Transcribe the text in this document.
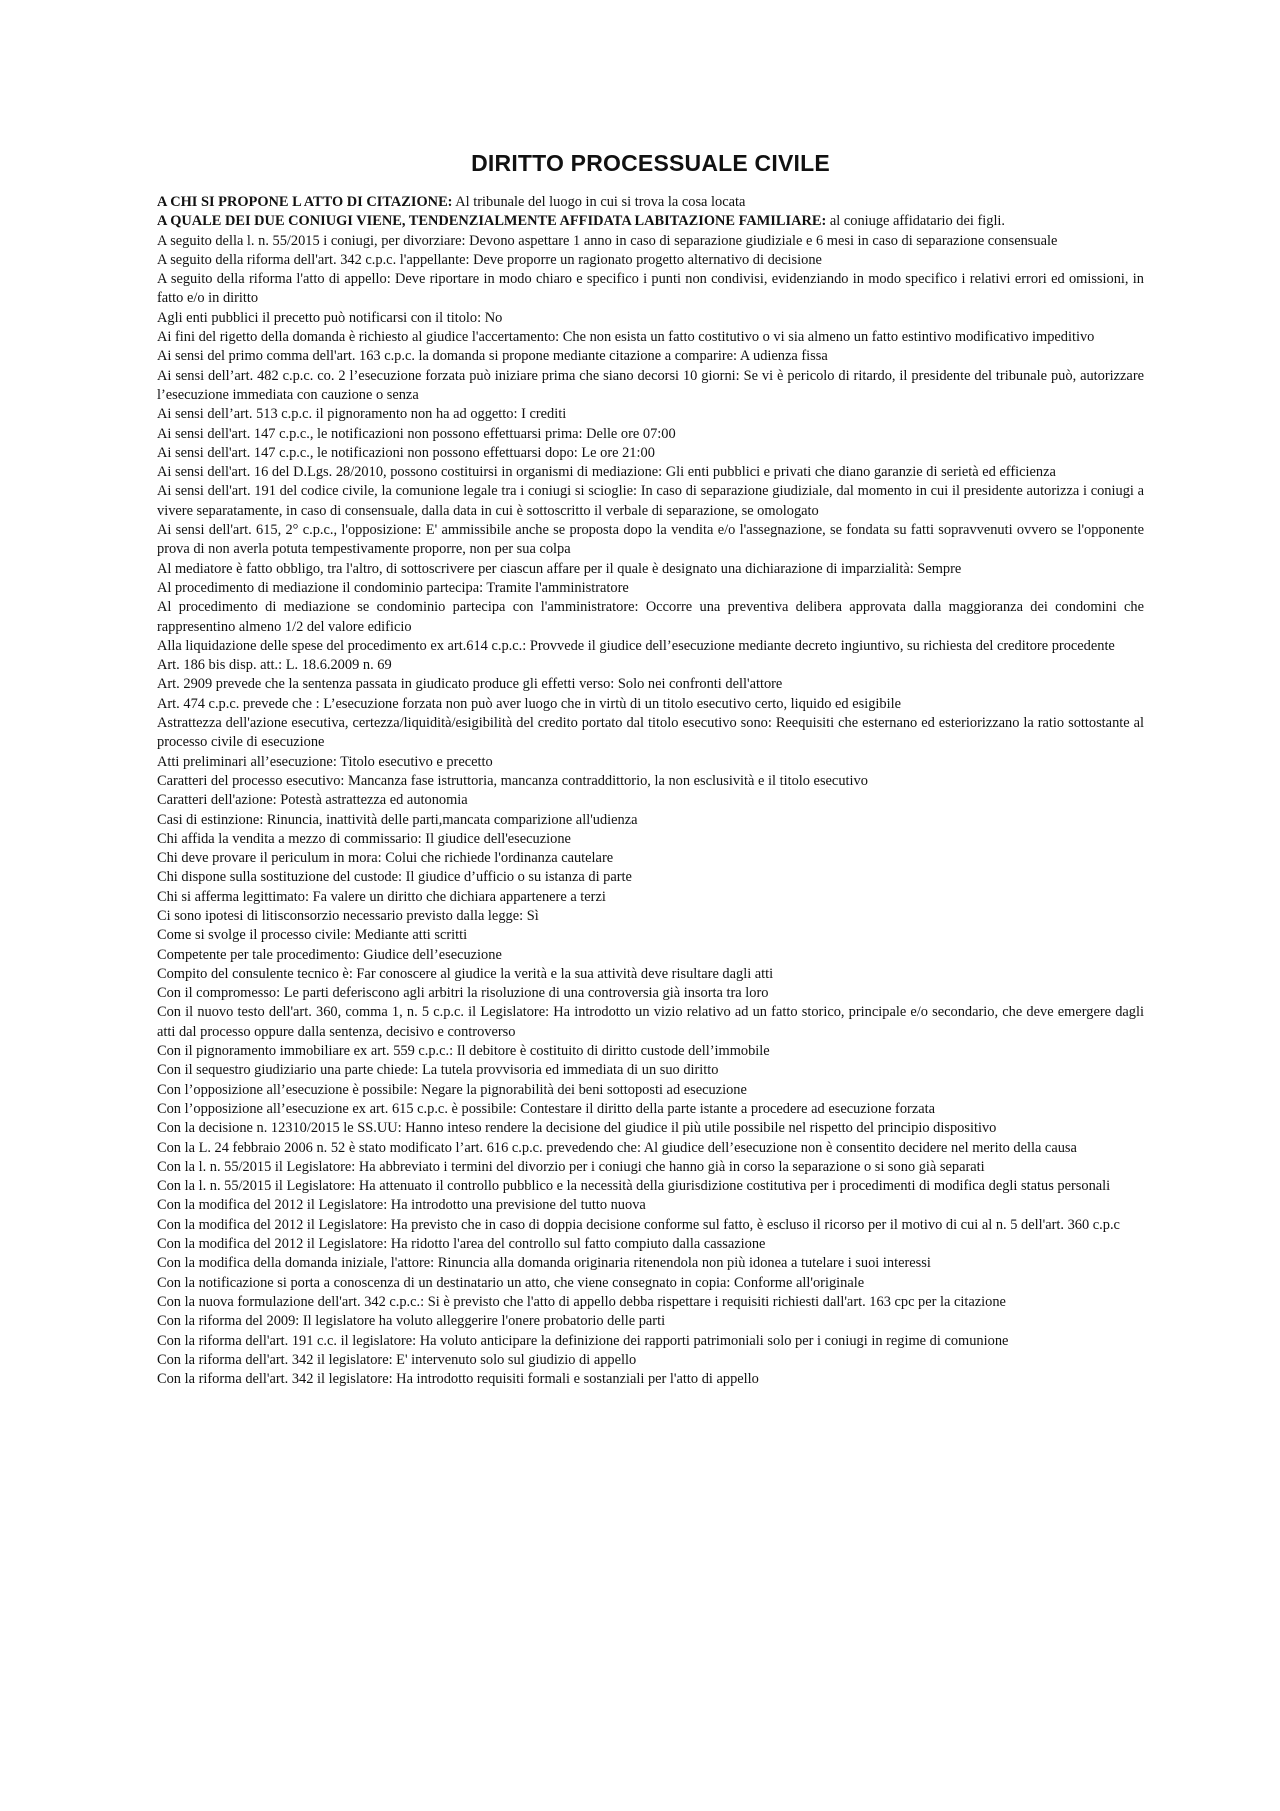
DIRITTO PROCESSUALE CIVILE

A CHI SI PROPONE L ATTO DI CITAZIONE: Al tribunale del luogo in cui si trova la cosa locata

A QUALE DEI DUE CONIUGI VIENE, TENDENZIALMENTE AFFIDATA LABITAZIONE FAMILIARE: al coniuge affidatario dei figli.

A seguito della l. n. 55/2015 i coniugi, per divorziare: Devono aspettare 1 anno in caso di separazione giudiziale e 6 mesi in caso di separazione consensuale

A seguito della riforma dell'art. 342 c.p.c. l'appellante: Deve proporre un ragionato progetto alternativo di decisione

A seguito della riforma l'atto di appello: Deve riportare in modo chiaro e specifico i punti non condivisi, evidenziando in modo specifico i relativi errori ed omissioni, in fatto e/o in diritto

Agli enti pubblici il precetto può notificarsi con il titolo: No

Ai fini del rigetto della domanda è richiesto al giudice l'accertamento: Che non esista un fatto costitutivo o vi sia almeno un fatto estintivo modificativo impeditivo

Ai sensi del primo comma dell'art. 163 c.p.c. la domanda si propone mediante citazione a comparire: A udienza fissa

Ai sensi dell’art. 482 c.p.c. co. 2 l’esecuzione forzata può iniziare prima che siano decorsi 10 giorni: Se vi è pericolo di ritardo, il presidente del tribunale può, autorizzare l’esecuzione immediata con cauzione o senza

Ai sensi dell’art. 513 c.p.c. il pignoramento non ha ad oggetto: I crediti

Ai sensi dell'art. 147 c.p.c., le notificazioni non possono effettuarsi prima: Delle ore 07:00

Ai sensi dell'art. 147 c.p.c., le notificazioni non possono effettuarsi dopo: Le ore 21:00

Ai sensi dell'art. 16 del D.Lgs. 28/2010, possono costituirsi in organismi di mediazione: Gli enti pubblici e privati che diano garanzie di serietà ed efficienza

Ai sensi dell'art. 191 del codice civile, la comunione legale tra i coniugi si scioglie: In caso di separazione giudiziale, dal momento in cui il presidente autorizza i coniugi a vivere separatamente, in caso di consensuale, dalla data in cui è sottoscritto il verbale di separazione, se omologato

Ai sensi dell'art. 615, 2° c.p.c., l'opposizione: E' ammissibile anche se proposta dopo la vendita e/o l'assegnazione, se fondata su fatti sopravvenuti ovvero se l'opponente prova di non averla potuta tempestivamente proporre, non per sua colpa

Al mediatore è fatto obbligo, tra l'altro, di sottoscrivere per ciascun affare per il quale è designato una dichiarazione di imparzialità: Sempre

Al procedimento di mediazione il condominio partecipa: Tramite l'amministratore

Al procedimento di mediazione se condominio partecipa con l'amministratore: Occorre una preventiva delibera approvata dalla maggioranza dei condomini che rappresentino almeno 1/2 del valore edificio

Alla liquidazione delle spese del procedimento ex art.614 c.p.c.: Provvede il giudice dell’esecuzione mediante decreto ingiuntivo, su richiesta del creditore procedente

Art. 186 bis disp. att.: L. 18.6.2009 n. 69

Art. 2909 prevede che la sentenza passata in giudicato produce gli effetti verso: Solo nei confronti dell'attore

Art. 474 c.p.c. prevede che : L’esecuzione forzata non può aver luogo che in virtù di un titolo esecutivo certo, liquido ed esigibile

Astrattezza dell'azione esecutiva, certezza/liquidità/esigibilità del credito portato dal titolo esecutivo sono: Reequisiti che esternano ed esteriorizzano la ratio sottostante al processo civile di esecuzione

Atti preliminari all’esecuzione: Titolo esecutivo e precetto

Caratteri del processo esecutivo: Mancanza fase istruttoria, mancanza contraddittorio, la non esclusività e il titolo esecutivo

Caratteri dell'azione: Potestà astrattezza ed autonomia

Casi di estinzione: Rinuncia, inattività delle parti,mancata comparizione all'udienza

Chi affida la vendita a mezzo di commissario: Il giudice dell'esecuzione

Chi deve provare il periculum in mora: Colui che richiede l'ordinanza cautelare

Chi dispone sulla sostituzione del custode: Il giudice d’ufficio o su istanza di parte

Chi si afferma legittimato: Fa valere un diritto che dichiara appartenere a terzi

Ci sono ipotesi di litisconsorzio necessario previsto dalla legge: Sì

Come si svolge il processo civile: Mediante atti scritti

Competente per tale procedimento: Giudice dell’esecuzione

Compito del consulente tecnico è: Far conoscere al giudice la verità e la sua attività deve risultare dagli atti

Con il compromesso: Le parti deferiscono agli arbitri la risoluzione di una controversia già insorta tra loro

Con il nuovo testo dell'art. 360, comma 1, n. 5 c.p.c. il Legislatore: Ha introdotto un vizio relativo ad un fatto storico, principale e/o secondario, che deve emergere dagli atti dal processo oppure dalla sentenza, decisivo e controverso

Con il pignoramento immobiliare ex art. 559 c.p.c.: Il debitore è costituito di diritto custode dell’immobile

Con il sequestro giudiziario una parte chiede: La tutela provvisoria ed immediata di un suo diritto

Con l’opposizione all’esecuzione è possibile: Negare la pignorabilità dei beni sottoposti ad esecuzione

Con l’opposizione all’esecuzione ex art. 615 c.p.c. è possibile: Contestare il diritto della parte istante a procedere ad esecuzione forzata

Con la decisione n. 12310/2015 le SS.UU: Hanno inteso rendere la decisione del giudice il più utile possibile nel rispetto del principio dispositivo

Con la L. 24 febbraio 2006 n. 52 è stato modificato l’art. 616 c.p.c. prevedendo che: Al giudice dell’esecuzione non è consentito decidere nel merito della causa

Con la l. n. 55/2015 il Legislatore: Ha abbreviato i termini del divorzio per i coniugi che hanno già in corso la separazione o si sono già separati

Con la l. n. 55/2015 il Legislatore: Ha attenuato il controllo pubblico e la necessità della giurisdizione costitutiva per i procedimenti di modifica degli status personali

Con la modifica del 2012 il Legislatore: Ha introdotto una previsione del tutto nuova

Con la modifica del 2012 il Legislatore: Ha previsto che in caso di doppia decisione conforme sul fatto, è escluso il ricorso per il motivo di cui al n. 5 dell'art. 360 c.p.c

Con la modifica del 2012 il Legislatore: Ha ridotto l'area del controllo sul fatto compiuto dalla cassazione

Con la modifica della domanda iniziale, l'attore: Rinuncia alla domanda originaria ritenendola non più idonea a tutelare i suoi interessi

Con la notificazione si porta a conoscenza di un destinatario un atto, che viene consegnato in copia: Conforme all'originale

Con la nuova formulazione dell'art. 342 c.p.c.: Si è previsto che l'atto di appello debba rispettare i requisiti richiesti dall'art. 163 cpc per la citazione

Con la riforma del 2009: Il legislatore ha voluto alleggerire l'onere probatorio delle parti

Con la riforma dell'art. 191 c.c. il legislatore: Ha voluto anticipare la definizione dei rapporti patrimoniali solo per i coniugi in regime di comunione

Con la riforma dell'art. 342 il legislatore: E' intervenuto solo sul giudizio di appello

Con la riforma dell'art. 342 il legislatore: Ha introdotto requisiti formali e sostanziali per l'atto di appello
